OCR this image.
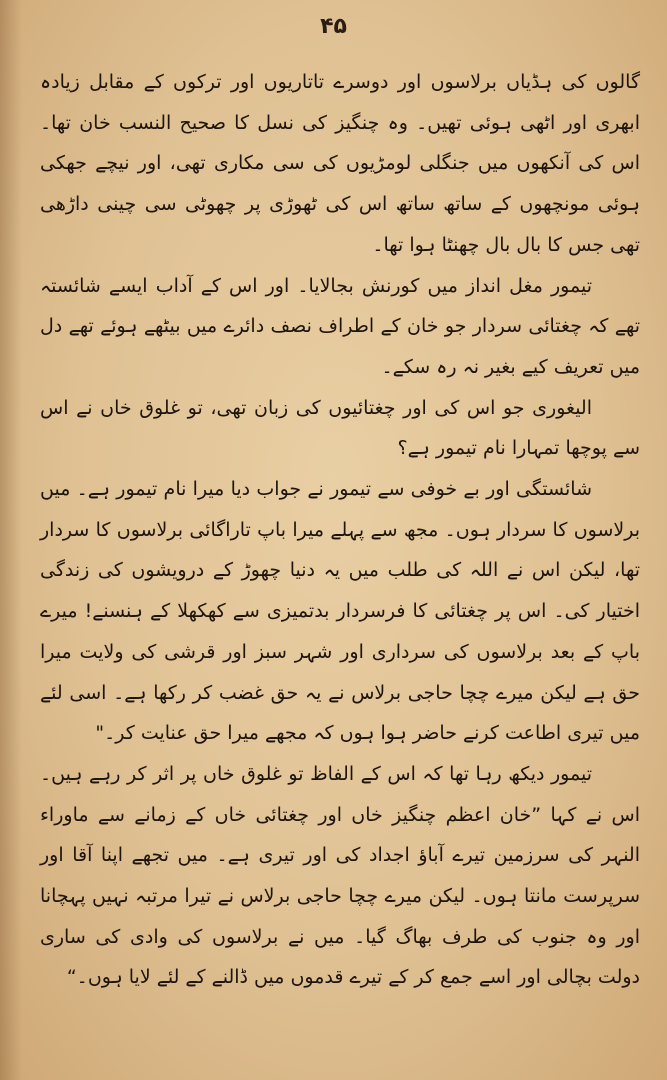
۴۵

گالوں کی ہڈیاں برلاسوں اور دوسرے تاتاریوں اور ترکوں کے مقابل زیادہ ابھری اور اٹھی ہوئی تھیں۔ وہ چنگیز کی نسل کا صحیح النسب خان تھا۔ اس کی آنکھوں میں جنگلی لومڑیوں کی سی مکاری تھی، اور نیچے جھکی ہوئی مونچھوں کے ساتھ ساتھ اس کی ٹھوڑی پر چھوٹی سی چینی داڑھی تھی جس کا بال بال چھنٹا ہوا تھا۔

تیمور مغل انداز میں کورنش بجالایا۔ اور اس کے آداب ایسے شائستہ تھے کہ چغتائی سردار جو خان کے اطراف نصف دائرے میں بیٹھے ہوئے تھے دل میں تعریف کیے بغیر نہ رہ سکے۔

الیغوری جو اس کی اور چغتائیوں کی زبان تھی، تو غلوق خاں نے اس سے پوچھا تمہارا نام تیمور ہے؟

شائستگی اور بے خوفی سے تیمور نے جواب دیا میرا نام تیمور ہے۔ میں برلاسوں کا سردار ہوں۔ مجھ سے پہلے میرا باپ تاراگائی برلاسوں کا سردار تھا، لیکن اس نے اللہ کی طلب میں یہ دنیا چھوڑ کے درویشوں کی زندگی اختیار کی۔ اس پر چغتائی کا فرسردار بدتمیزی سے کھکھلا کے ہنسنے! میرے باپ کے بعد برلاسوں کی سرداری اور شہر سبز اور قرشی کی ولایت میرا حق ہے لیکن میرے چچا حاجی برلاس نے یہ حق غضب کر رکھا ہے۔ اسی لئے میں تیری اطاعت کرنے حاضر ہوا ہوں کہ مجھے میرا حق عنایت کر۔"

تیمور دیکھ رہا تھا کہ اس کے الفاظ تو غلوق خاں پر اثر کر رہے ہیں۔ اس نے کہا ”خان اعظم چنگیز خاں اور چغتائی خاں کے زمانے سے ماوراء النہر کی سرزمین تیرے آباؤ اجداد کی اور تیری ہے۔ میں تجھے اپنا آقا اور سرپرست مانتا ہوں۔ لیکن میرے چچا حاجی برلاس نے تیرا مرتبہ نہیں پہچانا اور وہ جنوب کی طرف بھاگ گیا۔ میں نے برلاسوں کی وادی کی ساری دولت بچالی اور اسے جمع کر کے تیرے قدموں میں ڈالنے کے لئے لایا ہوں۔“
